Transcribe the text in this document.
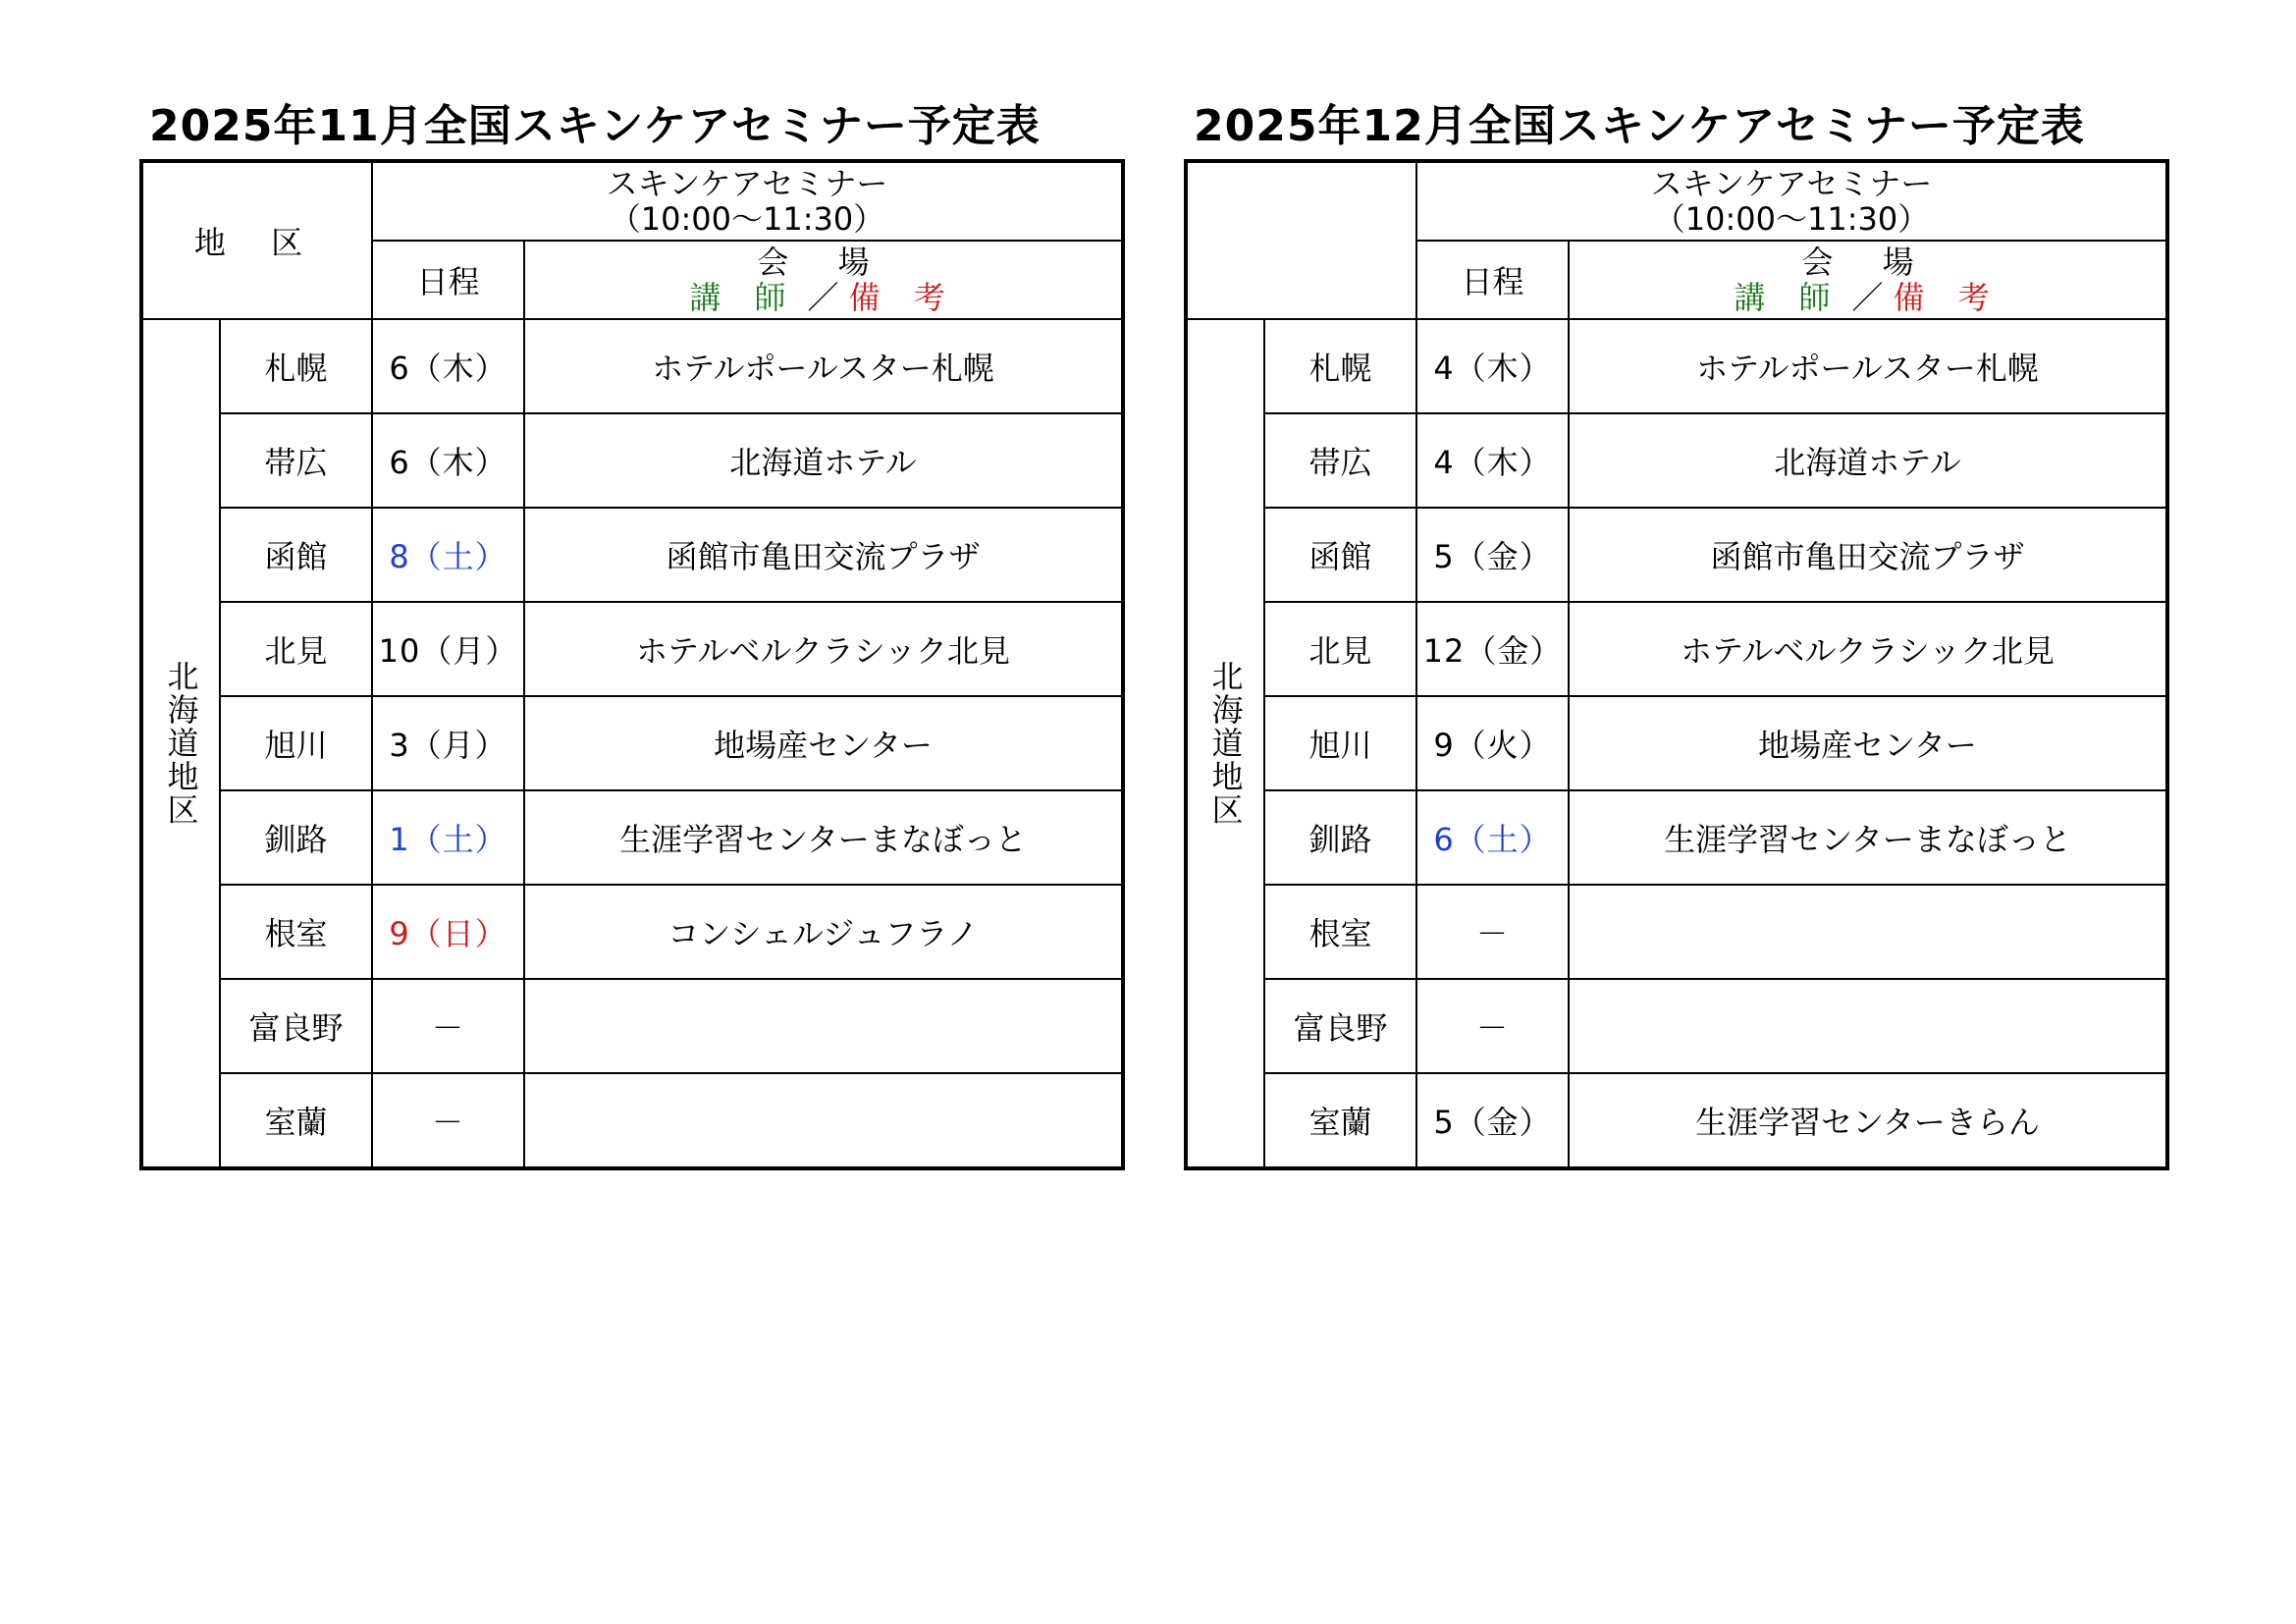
2025年11月全国スキンケアセミナー予定表
地 区		スキンケアセミナー
（10:00〜11:30）	

		日程	会 場
講 師 ／ 備 考

北海道地区	札幌	6（木）	ホテルポールスター札幌
	帯広	6（木）	北海道ホテル
	函館	8（土）	函館市亀田交流プラザ
	北見	10（月）	ホテルベルクラシック北見
	旭川	3（月）	地場産センター
	釧路	1（土）	生涯学習センターまなぼっと
	根室	9（日）	コンシェルジュフラノ
	富良野	－	
	室蘭	－	
2025年12月全国スキンケアセミナー予定表

		スキンケアセミナー
（10:00〜11:30）	

		日程	会 場
講 師 ／ 備 考

北海道地区	札幌	4（木）	ホテルポールスター札幌
	帯広	4（木）	北海道ホテル
	函館	5（金）	函館市亀田交流プラザ
	北見	12（金）	ホテルベルクラシック北見
	旭川	9（火）	地場産センター
	釧路	6（土）	生涯学習センターまなぼっと
	根室	－	
	富良野	－	
	室蘭	5（金）	生涯学習センターきらん
